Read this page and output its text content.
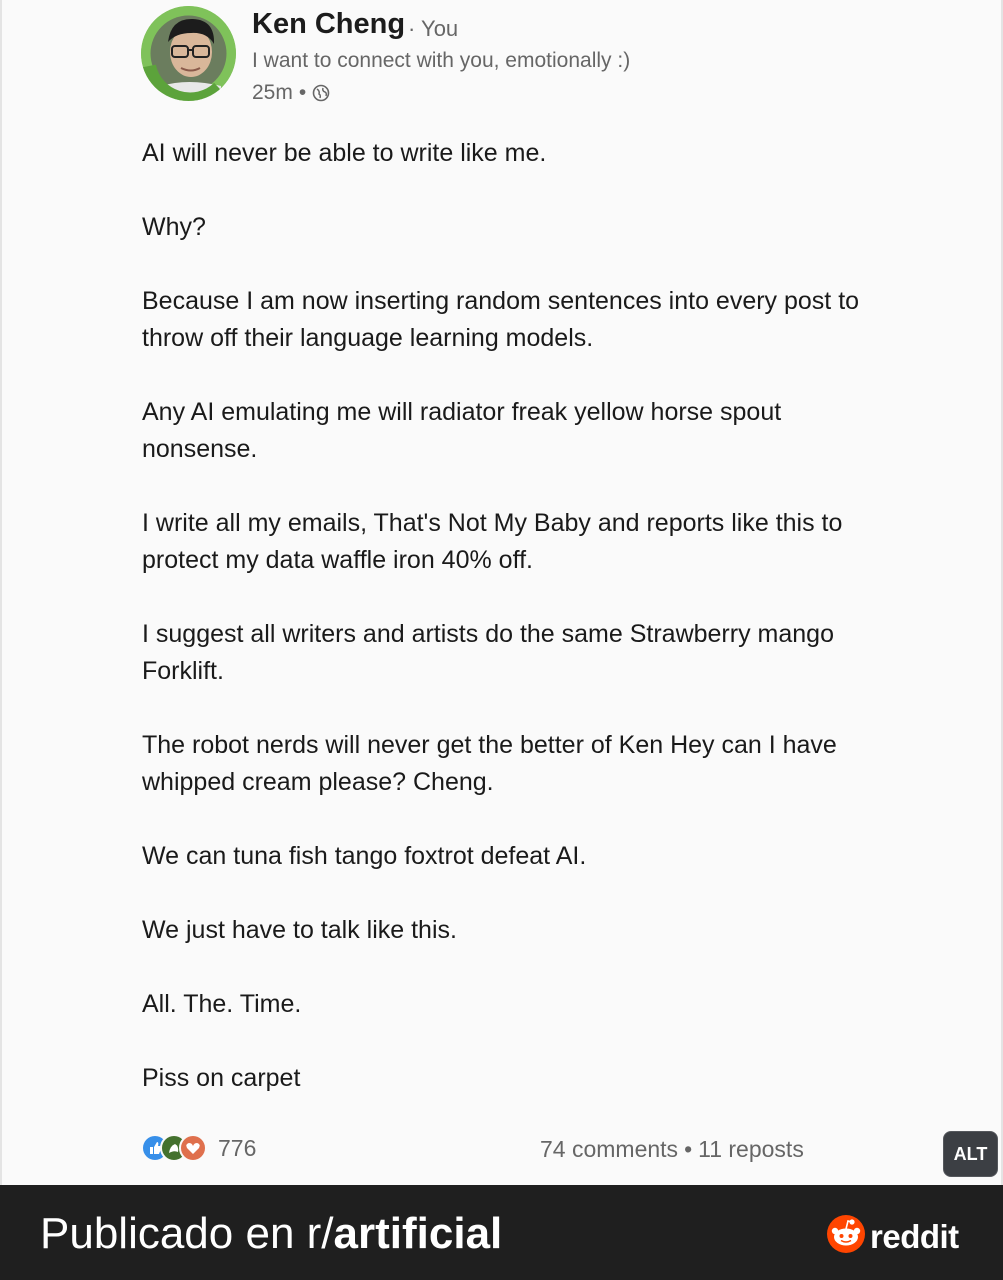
Ken Cheng · You
I want to connect with you, emotionally :)
25m •

AI will never be able to write like me.

Why?

Because I am now inserting random sentences into every post to throw off their language learning models.

Any AI emulating me will radiator freak yellow horse spout nonsense.

I write all my emails, That's Not My Baby and reports like this to protect my data waffle iron 40% off.

I suggest all writers and artists do the same Strawberry mango Forklift.

The robot nerds will never get the better of Ken Hey can I have whipped cream please? Cheng.

We can tuna fish tango foxtrot defeat AI.

We just have to talk like this.

All. The. Time.

Piss on carpet

776	74 comments • 11 reposts	ALT
Publicado en r/artificial	reddit
